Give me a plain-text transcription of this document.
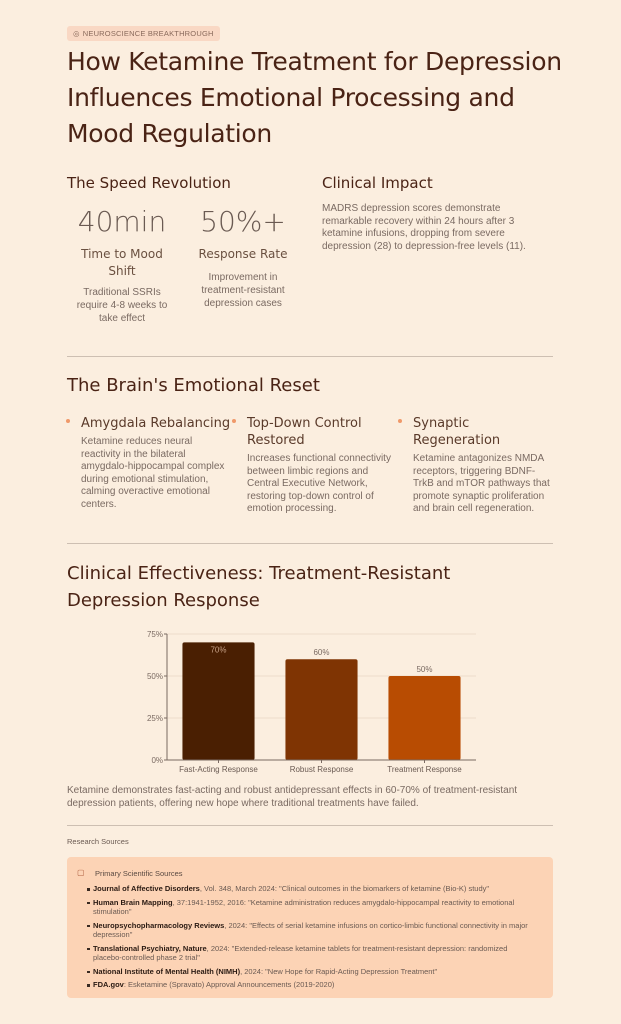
◎ NEUROSCIENCE BREAKTHROUGH
How Ketamine Treatment for Depression Influences Emotional Processing and Mood Regulation
The Speed Revolution
40min
Time to Mood Shift
Traditional SSRIs require 4-8 weeks to take effect
50%+
Response Rate
Improvement in treatment-resistant depression cases
Clinical Impact
MADRS depression scores demonstrate remarkable recovery within 24 hours after 3 ketamine infusions, dropping from severe depression (28) to depression-free levels (11).
The Brain's Emotional Reset
Amygdala Rebalancing
Ketamine reduces neural reactivity in the bilateral amygdalo-hippocampal complex during emotional stimulation, calming overactive emotional centers.
Top-Down Control Restored
Increases functional connectivity between limbic regions and Central Executive Network, restoring top-down control of emotion processing.
Synaptic Regeneration
Ketamine antagonizes NMDA receptors, triggering BDNF-TrkB and mTOR pathways that promote synaptic proliferation and brain cell regeneration.
Clinical Effectiveness: Treatment-Resistant Depression Response
0%
25%
50%
75%
70%
Fast-Acting Response
60%
Robust Response
50%
Treatment Response
Ketamine demonstrates fast-acting and robust antidepressant effects in 60-70% of treatment-resistant depression patients, offering new hope where traditional treatments have failed.
Research Sources
▢ Primary Scientific Sources
Journal of Affective Disorders, Vol. 348, March 2024: "Clinical outcomes in the biomarkers of ketamine (Bio-K) study"
Human Brain Mapping, 37:1941-1952, 2016: "Ketamine administration reduces amygdalo-hippocampal reactivity to emotional stimulation"
Neuropsychopharmacology Reviews, 2024: "Effects of serial ketamine infusions on cortico-limbic functional connectivity in major depression"
Translational Psychiatry, Nature, 2024: "Extended-release ketamine tablets for treatment-resistant depression: randomized placebo-controlled phase 2 trial"
National Institute of Mental Health (NIMH), 2024: "New Hope for Rapid-Acting Depression Treatment"
FDA.gov: Esketamine (Spravato) Approval Announcements (2019-2020)
